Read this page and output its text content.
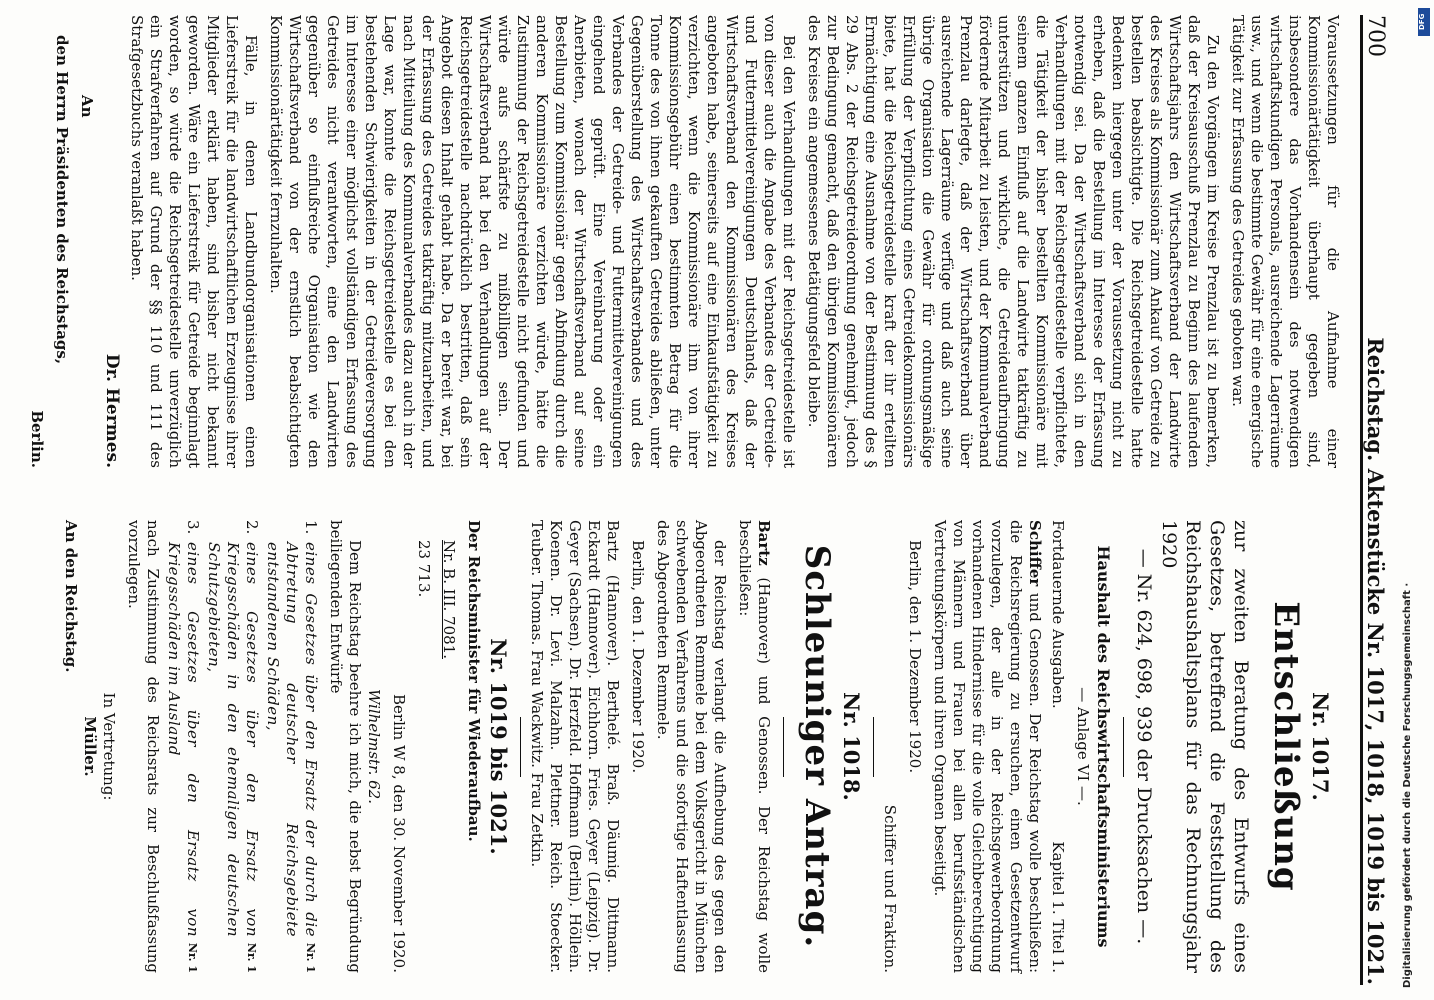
700
Reichstag. Aktenstücke Nr. 1017, 1018, 1019 bis 1021.

Voraussetzungen für die Aufnahme einer Kommissionärtätigkeit überhaupt gegeben sind, insbesondere das Vorhandensein des notwendigen wirtschaftskundigen Personals, ausreichende Lagerräume usw., und wenn die bestimmte Gewähr für eine energische Tätigkeit zur Erfassung des Getreides geboten war.

Zu den Vorgängen im Kreise Prenzlau ist zu bemerken, daß der Kreisausschuß Prenzlau zu Beginn des laufenden Wirtschaftsjahrs den Wirtschaftsverband der Landwirte des Kreises als Kommissionär zum Ankauf von Getreide zu bestellen beabsichtigte. Die Reichsgetreidestelle hatte Bedenken hiergegen unter der Voraussetzung nicht zu erheben, daß die Bestellung im Interesse der Erfassung notwendig sei. Da der Wirtschaftsverband sich in den Verhandlungen mit der Reichsgetreidestelle verpflichtete, die Tätigkeit der bisher bestellten Kommissionäre mit seinem ganzen Einfluß auf die Landwirte tatkräftig zu unterstützen und wirkliche, die Getreideaufbringung fördernde Mitarbeit zu leisten, und der Kommunalverband Prenzlau darlegte, daß der Wirtschaftsverband über ausreichende Lagerräume verfüge und daß auch seine übrige Organisation die Gewähr für ordnungsmäßige Erfüllung der Verpflichtung eines Getreidekommissionärs biete, hat die Reichsgetreidestelle kraft der ihr erteilten Ermächtigung eine Ausnahme von der Bestimmung des § 29 Abs. 2 der Reichsgetreideordnung genehmigt, jedoch zur Bedingung gemacht, daß den übrigen Kommissionären des Kreises ein angemessenes Betätigungsfeld bleibe.

Bei den Verhandlungen mit der Reichsgetreidestelle ist von dieser auch die Angabe des Verbandes der Getreide- und Futtermittelvereinigungen Deutschlands, daß der Wirtschaftsverband den Kommissionären des Kreises angeboten habe, seinerseits auf eine Einkaufstätigkeit zu verzichten, wenn die Kommissionäre ihm von ihrer Kommissionsgebühr einen bestimmten Betrag für die Tonne des von ihnen gekauften Getreides abließen, unter Gegenüberstellung des Wirtschaftsverbandes und des Verbandes der Getreide- und Futtermittelvereinigungen eingehend geprüft. Eine Vereinbarung oder ein Anerbieten, wonach der Wirtschaftsverband auf seine Bestellung zum Kommissionär gegen Abfindung durch die anderen Kommissionäre verzichten würde, hätte die Zustimmung der Reichsgetreidestelle nicht gefunden und würde aufs schärfste zu mißbilligen sein. Der Wirtschaftsverband hat bei den Verhandlungen auf der Reichsgetreidestelle nachdrücklich bestritten, daß sein Angebot diesen Inhalt gehabt habe. Da er bereit war, bei der Erfassung des Getreides tatkräftig mitzuarbeiten, und nach Mitteilung des Kommunalverbandes dazu auch in der Lage war, konnte die Reichsgetreidestelle es bei den bestehenden Schwierigkeiten in der Getreideversorgung im Interesse einer möglichst vollständigen Erfassung des Getreides nicht verantworten, eine den Landwirten gegenüber so einflußreiche Organisation wie den Wirtschaftsverband von der ernstlich beabsichtigten Kommissionärtätigkeit fernzuhalten.

Fälle, in denen Landbundorganisationen einen Lieferstreik für die landwirtschaftlichen Erzeugnisse ihrer Mitglieder erklärt haben, sind bisher nicht bekannt geworden. Wäre ein Lieferstreik für Getreide beginnlagt worden, so würde die Reichsgetreidestelle unverzüglich ein Strafverfahren auf Grund der §§ 110 und 111 des Strafgesetzbuchs veranlaßt haben.

Dr. Hermes.

An

den Herrn Präsidenten des Reichstags,

Berlin.

Nr. 1017.
Entschließung
zur zweiten Beratung des Entwurfs eines Gesetzes, betreffend die Feststellung des Reichshaushaltsplans für das Rechnungsjahr 1920
— Nr. 624, 698, 939 der Drucksachen —.
Haushalt des Reichswirtschaftsministeriums
— Anlage VI —.
Fortdauernde Ausgaben.
Kapitel 1. Titel 1.

Schiffer und Genossen. Der Reichstag wolle beschließen: die Reichsregierung zu ersuchen, einen Gesetzentwurf vorzulegen, der alle in der Reichsgewerbeordnung vorhandenen Hindernisse für die volle Gleichberechtigung von Männern und Frauen bei allen berufsständischen Vertretungskörpern und ihren Organen beseitigt.

Berlin, den 1. Dezember 1920.

Schiffer und Fraktion.
Nr. 1018.
Schleuniger Antrag.

Bartz (Hannover) und Genossen. Der Reichstag wolle beschließen:

der Reichstag verlangt die Aufhebung des gegen den Abgeordneten Remmele bei dem Volksgericht in München schwebenden Verfahrens und die sofortige Haftentlassung des Abgeordneten Remmele.

Berlin, den 1. Dezember 1920.

Bartz (Hannover). Berthelé. Braß. Däumig. Dittmann. Eckardt (Hannover). Eichhorn. Fries. Geyer (Leipzig). Dr. Geyer (Sachsen). Dr. Herzfeld. Hoffmann (Berlin). Höllein. Koenen. Dr. Levi. Malzahn. Plettner. Reich. Stoecker. Teuber. Thomas. Frau Wackwitz. Frau Zetkin.

Nr. 1019 bis 1021.

Der Reichsminister für Wiederaufbau.

Nr. B. III. 7081.

23 713.

Berlin W 8, den 30. November 1920.
Wilhelmstr. 62.

Dem Reichstag beehre ich mich, die nebst Begründung beiliegenden Entwürfe

1.
eines Gesetzes über den Ersatz der durch die Abtretung deutscher Reichsgebiete entstandenen Schäden,
Nr. 1
2.
eines Gesetzes über den Ersatz von Kriegsschäden in den ehemaligen deutschen Schutzgebieten,
Nr. 1
3.
eines Gesetzes über den Ersatz von Kriegsschäden im Ausland
Nr. 1

nach Zustimmung des Reichsrats zur Beschlußfassung vorzulegen.

In Vertretung:
Müller.

An den Reichstag.	Digitalisierung gefördert durch die Deutsche Forschungsgemeinschaft ·
DFG
